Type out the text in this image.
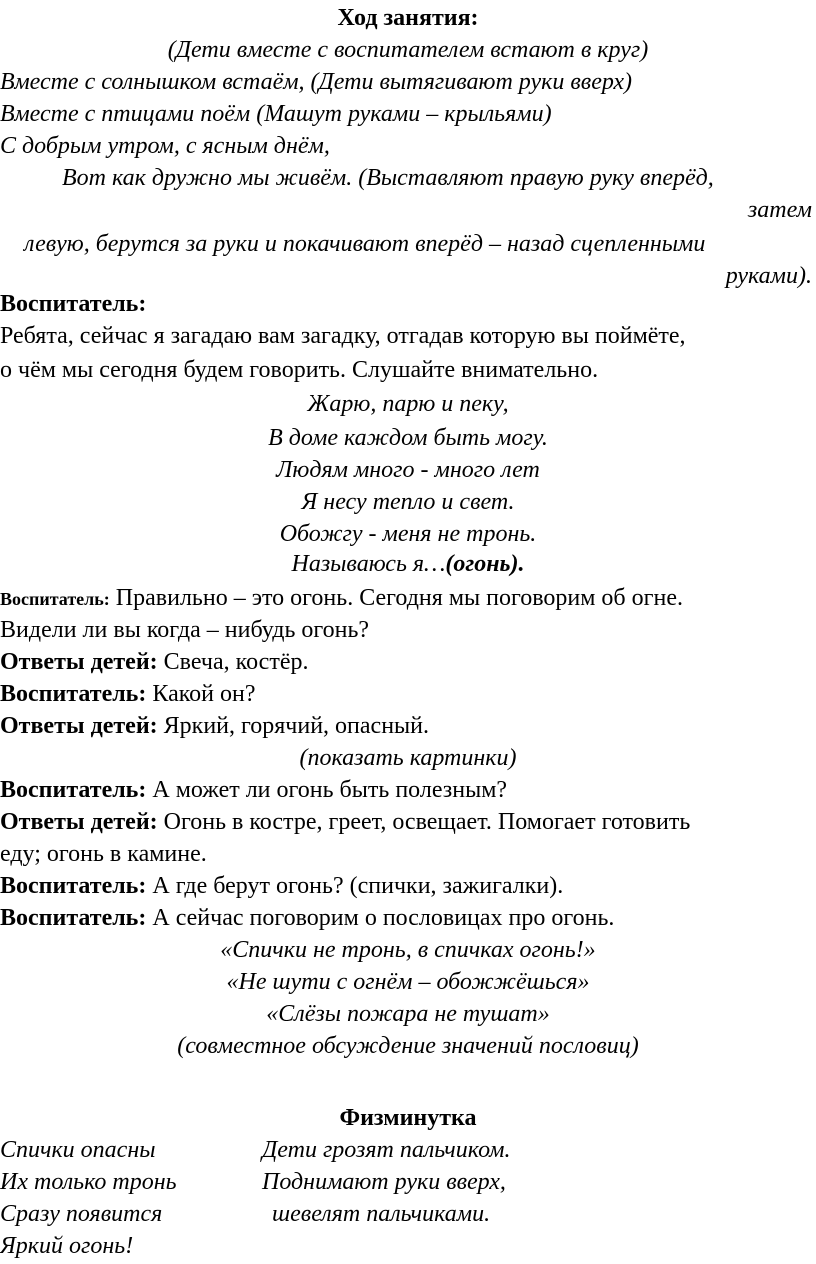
Ход занятия:
(Дети вместе с воспитателем встают в круг)
Вместе с солнышком встаём, (Дети вытягивают руки вверх)
Вместе с птицами поём (Машут руками – крыльями)
С добрым утром, с ясным днём,
Вот как дружно мы живём. (Выставляют правую руку вперёд,
затем
левую, берутся за руки и покачивают вперёд – назад сцепленными
руками).
Воспитатель:
Ребята, сейчас я загадаю вам загадку, отгадав которую вы поймёте,
о чём мы сегодня будем говорить. Слушайте внимательно.
Жарю, парю и пеку,
В доме каждом быть могу.
Людям много - много лет
Я несу тепло и свет.
Обожгу - меня не тронь.
Называюсь я…(огонь).
Воспитатель: Правильно – это огонь. Сегодня мы поговорим об огне.
Видели ли вы когда – нибудь огонь?
Ответы детей: Свеча, костёр.
Воспитатель: Какой он?
Ответы детей: Яркий, горячий, опасный.
(показать картинки)
Воспитатель: А может ли огонь быть полезным?
Ответы детей: Огонь в костре, греет, освещает. Помогает готовить
еду; огонь в камине.
Воспитатель: А где берут огонь? (спички, зажигалки).
Воспитатель: А сейчас поговорим о пословицах про огонь.
«Спички не тронь, в спичках огонь!»
«Не шути с огнём – обожжёшься»
«Слёзы пожара не тушат»
(совместное обсуждение значений пословиц)
Физминутка
Спички опасны	Дети грозят пальчиком.
Их только тронь	Поднимают руки вверх,
Сразу появится	шевелят пальчиками.
Яркий огонь!
